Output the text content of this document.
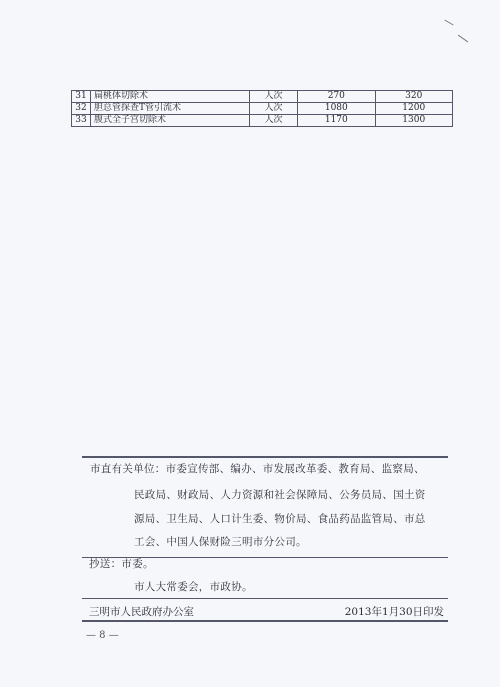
31	扁桃体切除术	人次	270	320
32	胆总管探查T管引流术	人次	1080	1200
33	腹式全子宫切除术	人次	1170	1300
市直有关单位：市委宣传部、编办、市发展改革委、教育局、监察局、
民政局、财政局、人力资源和社会保障局、公务员局、国土资
源局、卫生局、人口计生委、物价局、食品药品监管局、市总
工会、中国人保财险三明市分公司。
抄送：市委。
市人大常委会，市政协。
三明市人民政府办公室	2013年1月30日印发
— 8 —
